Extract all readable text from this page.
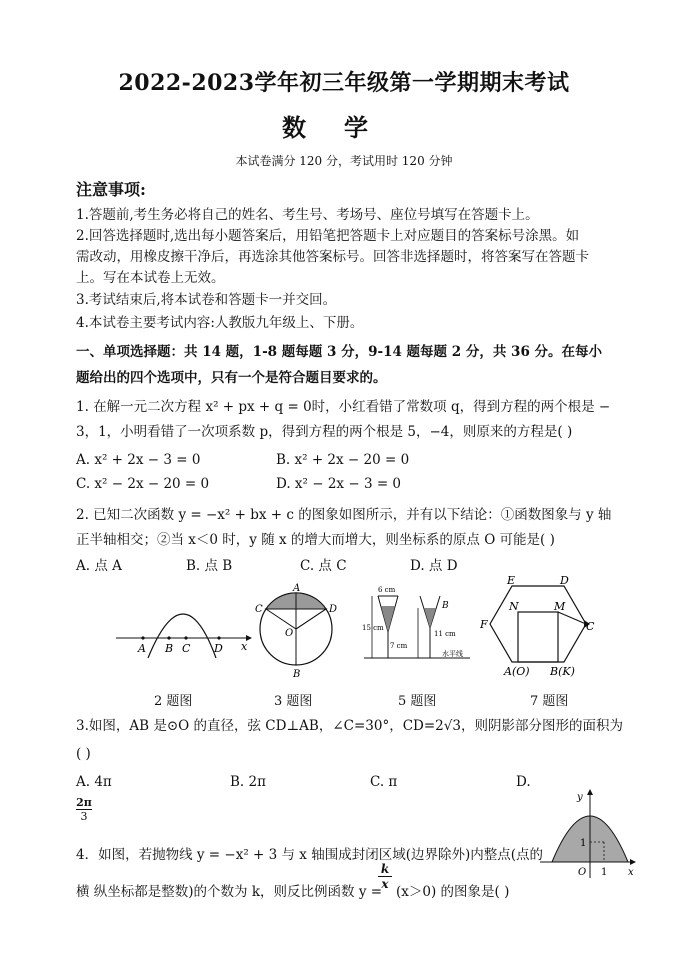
2022-2023学年初三年级第一学期期末考试
数学
本试卷满分 120 分，考试用时 120 分钟
注意事项:
1.答题前,考生务必将自己的姓名、考生号、考场号、座位号填写在答题卡上。
2.回答选择题时,选出每小题答案后，用铅笔把答题卡上对应题目的答案标号涂黑。如
需改动，用橡皮擦干净后，再选涂其他答案标号。回答非选择题时，将答案写在答题卡
上。写在本试卷上无效。
3.考试结束后,将本试卷和答题卡一并交回。
4.本试卷主要考试内容:人教版九年级上、下册。
一、单项选择题：共 14 题，1-8 题每题 3 分，9-14 题每题 2 分，共 36 分。在每小
题给出的四个选项中，只有一个是符合题目要求的。
1. 在解一元二次方程 x² + px + q = 0时，小红看错了常数项 q，得到方程的两个根是 −
3，1，小明看错了一次项系数 p，得到方程的两个根是 5，−4，则原来的方程是( )
A. x² + 2x − 3 = 0	B. x² + 2x − 20 = 0
C. x² − 2x − 20 = 0	D. x² − 2x − 3 = 0
2. 已知二次函数 y = −x² + bx + c 的图象如图所示，并有以下结论：①函数图象与 y 轴
正半轴相交；②当 x＜0 时，y 随 x 的增大而增大，则坐标系的原点 O 可能是( )
A. 点 A	B. 点 B	C. 点 C	D. 点 D
A B C D x
2 题图
A
C	D
O
B
3 题图
6 cm
15 cm
7 cm
11 cm
B
水平线
5 题图
E	D
N	M
F	C
A(O) B(K)
7 题图
3.如图，AB 是⊙O 的直径，弦 CD⊥AB，∠C=30°，CD=2√3，则阴影部分图形的面积为
( )
A. 4π	B. 2π	C. π	D.
$\frac{2\pi}{3}$
4．如图，若抛物线 y = −x² + 3 与 x 轴围成封闭区域(边界除外)内整点(点的
横 纵坐标都是整数)的个数为 k，则反比例函数 y =
$\frac{k}{x}$
(x＞0) 的图象是( )
y
1
O 1 x
